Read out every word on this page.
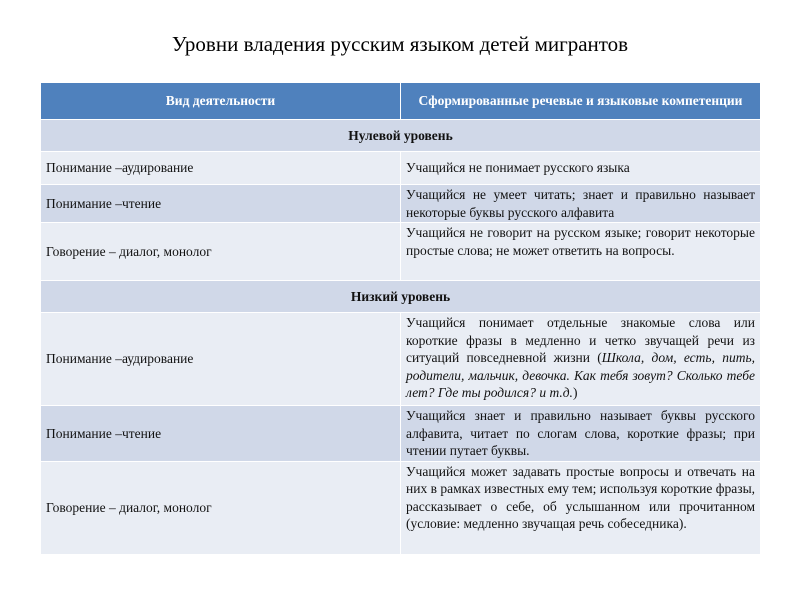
Уровни владения русским языком детей мигрантов
Вид деятельности	Сформированные речевые и языковые компетенции
Нулевой уровень
Понимание –аудирование	Учащийся не понимает русского языка
Понимание –чтение	Учащийся не умеет читать; знает и правильно называет некоторые буквы русского алфавита
Говорение – диалог, монолог	Учащийся не говорит на русском языке; говорит некоторые простые слова; не может ответить на вопросы.
Низкий уровень
Понимание –аудирование	Учащийся понимает отдельные знакомые слова или короткие фразы в медленно и четко звучащей речи из ситуаций повседневной жизни (Школа, дом, есть, пить, родители, мальчик, девочка. Как тебя зовут? Сколько тебе лет? Где ты родился? и т.д.)
Понимание –чтение	Учащийся знает и правильно называет буквы русского алфавита, читает по слогам слова, короткие фразы; при чтении путает буквы.
Говорение – диалог, монолог	Учащийся может задавать простые вопросы и отвечать на них в рамках известных ему тем; используя короткие фразы, рассказывает о себе, об услышанном или прочитанном (условие: медленно звучащая речь собеседника).
